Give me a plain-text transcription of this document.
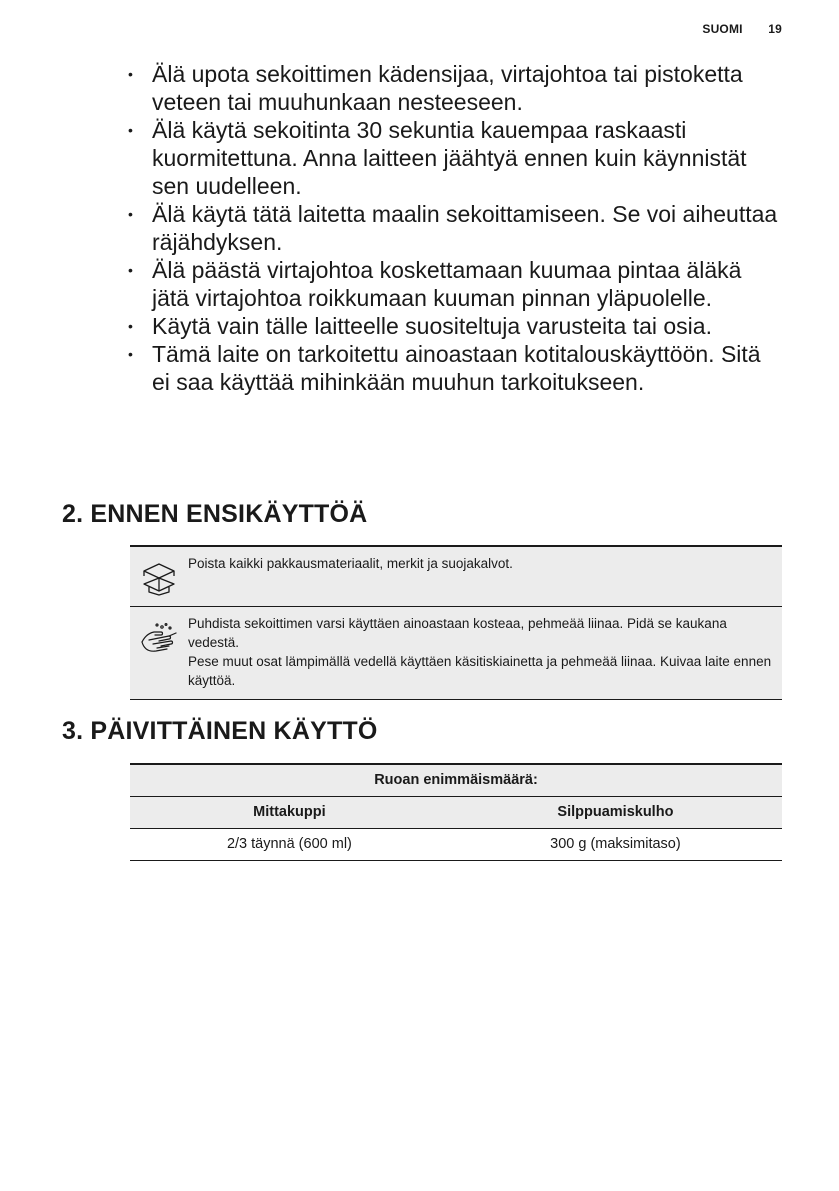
SUOMI 19
• Älä upota sekoittimen kädensijaa, virtajohtoa tai pistoketta veteen tai muuhunkaan nesteeseen.
• Älä käytä sekoitinta 30 sekuntia kauempaa raskaasti kuormitettuna. Anna laitteen jäähtyä ennen kuin käynnistät sen uudelleen.
• Älä käytä tätä laitetta maalin sekoittamiseen. Se voi aiheuttaa räjähdyksen.
• Älä päästä virtajohtoa koskettamaan kuumaa pintaa äläkä jätä virtajohtoa roikkumaan kuuman pinnan yläpuolelle.
• Käytä vain tälle laitteelle suositeltuja varusteita tai osia.
• Tämä laite on tarkoitettu ainoastaan kotitalouskäyttöön. Sitä ei saa käyttää mihinkään muuhun tarkoitukseen.
2. ENNEN ENSIKÄYTTÖÄ

Poista kaikki pakkausmateriaalit, merkit ja suojakalvot.

Puhdista sekoittimen varsi käyttäen ainoastaan kosteaa, pehmeää liinaa. Pidä se kaukana vedestä.

Pese muut osat lämpimällä vedellä käyttäen käsitiskiainetta ja pehmeää liinaa. Kuivaa laite ennen käyttöä.

3. PÄIVITTÄINEN KÄYTTÖ
Ruoan enimmäismäärä:	
Mittakuppi	Silppuamiskulho
2/3 täynnä (600 ml)	300 g (maksimitaso)
